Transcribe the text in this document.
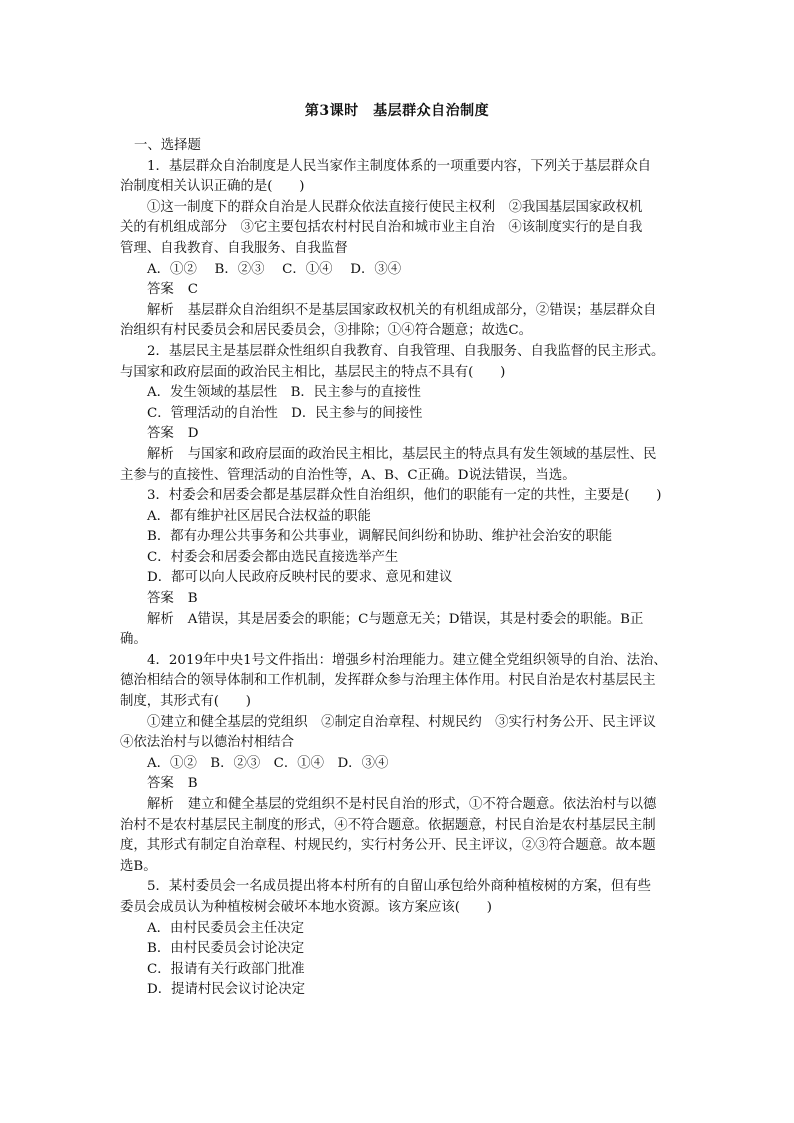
第3课时　基层群众自治制度
一、选择题
1．基层群众自治制度是人民当家作主制度体系的一项重要内容，下列关于基层群众自
治制度相关认识正确的是(　　)
①这一制度下的群众自治是人民群众依法直接行使民主权利　②我国基层国家政权机
关的有机组成部分　③它主要包括农村村民自治和城市业主自治　④该制度实行的是自我
管理、自我教育、自我服务、自我监督
A．①②　 B．②③　 C．①④　 D．③④
答案 C
解析 基层群众自治组织不是基层国家政权机关的有机组成部分，②错误；基层群众自
治组织有村民委员会和居民委员会，③排除；①④符合题意；故选C。
2．基层民主是基层群众性组织自我教育、自我管理、自我服务、自我监督的民主形式。
与国家和政府层面的政治民主相比，基层民主的特点不具有(　　)
A．发生领域的基层性　B．民主参与的直接性
C．管理活动的自治性　D．民主参与的间接性
答案 D
解析 与国家和政府层面的政治民主相比，基层民主的特点具有发生领域的基层性、民
主参与的直接性、管理活动的自治性等，A、B、C正确。D说法错误，当选。
3．村委会和居委会都是基层群众性自治组织，他们的职能有一定的共性，主要是(　　)
A．都有维护社区居民合法权益的职能
B．都有办理公共事务和公共事业，调解民间纠纷和协助、维护社会治安的职能
C．村委会和居委会都由选民直接选举产生
D．都可以向人民政府反映村民的要求、意见和建议
答案 B
解析 A错误，其是居委会的职能；C与题意无关；D错误，其是村委会的职能。B正
确。
4．2019年中央1号文件指出：增强乡村治理能力。建立健全党组织领导的自治、法治、
德治相结合的领导体制和工作机制，发挥群众参与治理主体作用。村民自治是农村基层民主
制度，其形式有(　　)
①建立和健全基层的党组织　②制定自治章程、村规民约　③实行村务公开、民主评议
④依法治村与以德治村相结合
A．①②　B．②③　C．①④　D．③④
答案 B
解析 建立和健全基层的党组织不是村民自治的形式，①不符合题意。依法治村与以德
治村不是农村基层民主制度的形式，④不符合题意。依据题意，村民自治是农村基层民主制
度，其形式有制定自治章程、村规民约，实行村务公开、民主评议，②③符合题意。故本题
选B。
5．某村委员会一名成员提出将本村所有的自留山承包给外商种植桉树的方案，但有些
委员会成员认为种植桉树会破坏本地水资源。该方案应该(　　)
A．由村民委员会主任决定
B．由村民委员会讨论决定
C．报请有关行政部门批准
D．提请村民会议讨论决定
